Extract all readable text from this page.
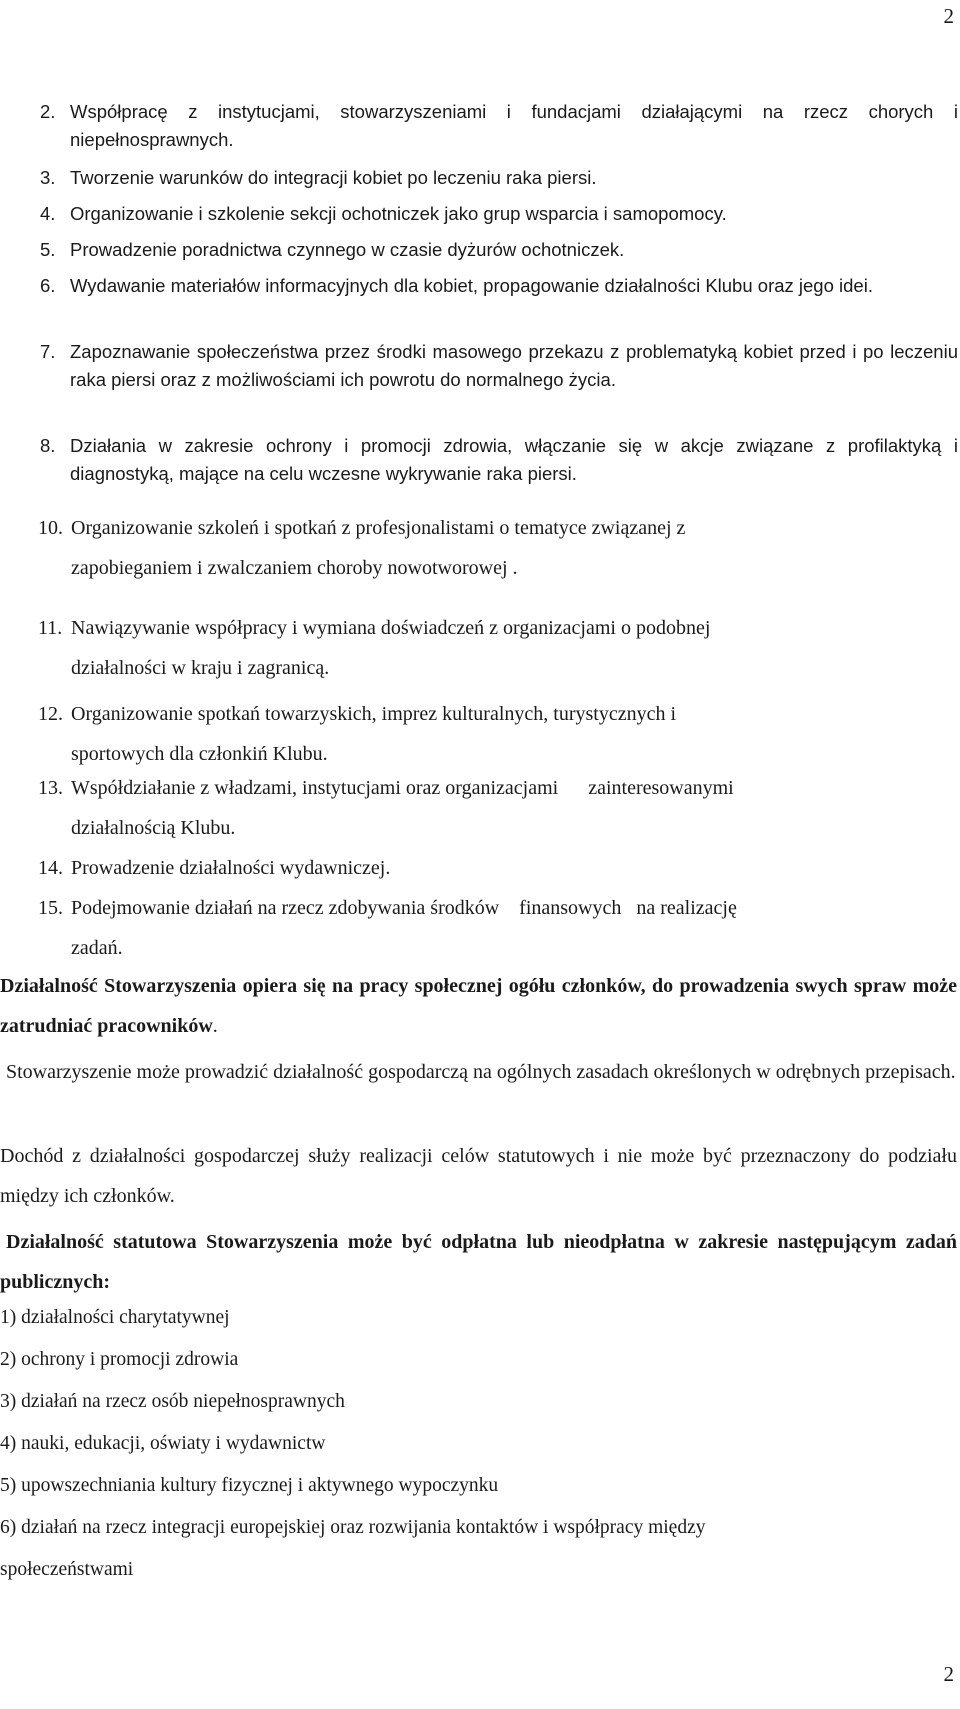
2
2. Współpracę z instytucjami, stowarzyszeniami i fundacjami działającymi na rzecz chorych i niepełnosprawnych.
3. Tworzenie warunków do integracji kobiet po leczeniu raka piersi.
4. Organizowanie i szkolenie sekcji ochotniczek jako grup wsparcia i samopomocy.
5. Prowadzenie poradnictwa czynnego w czasie dyżurów ochotniczek.
6. Wydawanie materiałów informacyjnych dla kobiet, propagowanie działalności Klubu oraz jego idei.
7. Zapoznawanie społeczeństwa przez środki masowego przekazu z problematyką kobiet przed i po leczeniu raka piersi oraz z możliwościami ich powrotu do normalnego życia.
8. Działania w zakresie ochrony i promocji zdrowia, włączanie się w akcje związane z profilaktyką i diagnostyką, mające na celu wczesne wykrywanie raka piersi.
10. Organizowanie szkoleń i spotkań z profesjonalistami o tematyce związanej z
zapobieganiem i zwalczaniem choroby nowotworowej .
11. Nawiązywanie współpracy i wymiana doświadczeń z organizacjami o podobnej
działalności w kraju i zagranicą.
12. Organizowanie spotkań towarzyskich, imprez kulturalnych, turystycznych i
sportowych dla członkiń Klubu.
13. Współdziałanie z władzami, instytucjami oraz organizacjami      zainteresowanymi
działalnością Klubu.
14. Prowadzenie działalności wydawniczej.
15. Podejmowanie działań na rzecz zdobywania środków    finansowych   na realizację
zadań.
Działalność Stowarzyszenia opiera się na pracy społecznej ogółu członków, do prowadzenia swych spraw może zatrudniać pracowników.
Stowarzyszenie może prowadzić działalność gospodarczą na ogólnych zasadach określonych w odrębnych przepisach.
Dochód z działalności gospodarczej służy realizacji celów statutowych i nie może być przeznaczony do podziału między ich członków.
Działalność statutowa Stowarzyszenia może być odpłatna lub nieodpłatna w zakresie następującym zadań publicznych:
1) działalności charytatywnej
2) ochrony i promocji zdrowia
3) działań na rzecz osób niepełnosprawnych
4) nauki, edukacji, oświaty i wydawnictw
5) upowszechniania kultury fizycznej i aktywnego wypoczynku
6) działań na rzecz integracji europejskiej oraz rozwijania kontaktów i współpracy między
społeczeństwami
2
